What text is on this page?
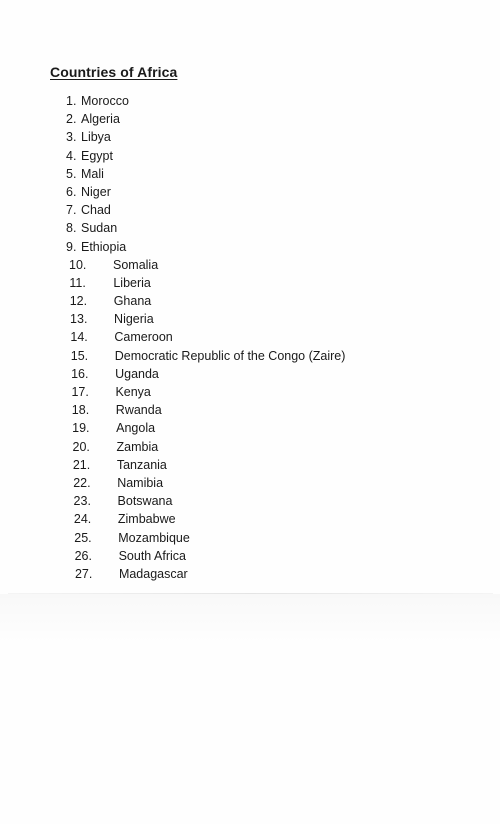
Countries of Africa
1. Morocco
2. Algeria
3. Libya
4. Egypt
5. Mali
6. Niger
7. Chad
8. Sudan
9. Ethiopia
10. Somalia
11. Liberia
12. Ghana
13. Nigeria
14. Cameroon
15. Democratic Republic of the Congo (Zaire)
16. Uganda
17. Kenya
18. Rwanda
19. Angola
20. Zambia
21. Tanzania
22. Namibia
23. Botswana
24. Zimbabwe
25. Mozambique
26. South Africa
27. Madagascar
